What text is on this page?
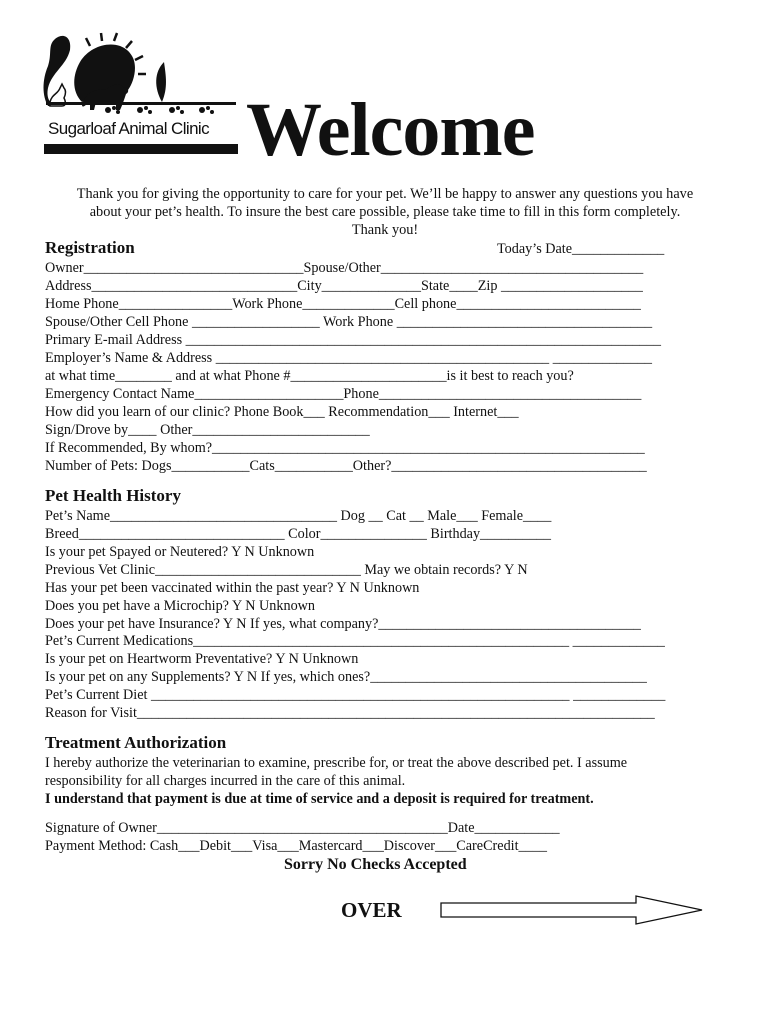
Sugarloaf Animal Clinic Welcome
Thank you for giving the opportunity to care for your pet. We’ll be happy to answer any questions you have
about your pet’s health. To insure the best care possible, please take time to fill in this form completely.
Thank you!
Registration	Today’s Date_____________
Owner_______________________________Spouse/Other_____________________________________
Address_____________________________City______________State____Zip ____________________
Home Phone________________Work Phone_____________Cell phone__________________________
Spouse/Other Cell Phone __________________ Work Phone ____________________________________
Primary E-mail Address ___________________________________________________________________
Employer’s Name & Address _______________________________________________ ______________
at what time________ and at what Phone #______________________is it best to reach you?
Emergency Contact Name_____________________Phone_____________________________________
How did you learn of our clinic? Phone Book___ Recommendation___ Internet___
Sign/Drove by____ Other_________________________
If Recommended, By whom?_____________________________________________________________
Number of Pets: Dogs___________Cats___________Other?____________________________________
Pet Health History
Pet’s Name________________________________ Dog __ Cat __ Male___ Female____
Breed_____________________________ Color_______________ Birthday__________
Is your pet Spayed or Neutered? Y N Unknown
Previous Vet Clinic_____________________________ May we obtain records? Y N
Has your pet been vaccinated within the past year? Y N Unknown
Does you pet have a Microchip? Y N Unknown
Does your pet have Insurance? Y N If yes, what company?_____________________________________
Pet’s Current Medications_____________________________________________________ _____________
Is your pet on Heartworm Preventative? Y N Unknown
Is your pet on any Supplements? Y N If yes, which ones?_______________________________________
Pet’s Current Diet ___________________________________________________________ _____________
Reason for Visit_________________________________________________________________________
Treatment Authorization
I hereby authorize the veterinarian to examine, prescribe for, or treat the above described pet. I assume
responsibility for all charges incurred in the care of this animal.
I understand that payment is due at time of service and a deposit is required for treatment.
Signature of Owner_________________________________________Date____________
Payment Method: Cash___Debit___Visa___Mastercard___Discover___CareCredit____
Sorry No Checks Accepted
OVER
